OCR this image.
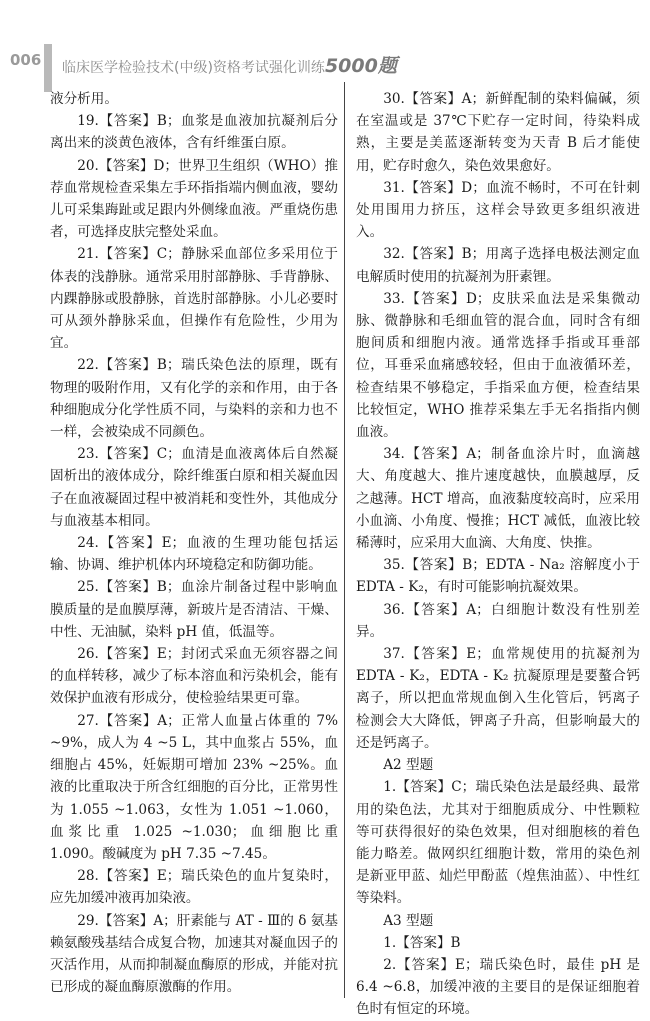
006 临床医学检验技术(中级)资格考试强化训练5000题

液分析用。

19.【答案】B；血浆是血液加抗凝剂后分离出来的淡黄色液体，含有纤维蛋白原。

20.【答案】D；世界卫生组织（WHO）推荐血常规检查采集左手环指指端内侧血液，婴幼儿可采集踇趾或足跟内外侧缘血液。严重烧伤患者，可选择皮肤完整处采血。

21.【答案】C；静脉采血部位多采用位于体表的浅静脉。通常采用肘部静脉、手背静脉、内踝静脉或股静脉，首选肘部静脉。小儿必要时可从颈外静脉采血，但操作有危险性，少用为宜。

22.【答案】B；瑞氏染色法的原理，既有物理的吸附作用，又有化学的亲和作用，由于各种细胞成分化学性质不同，与染料的亲和力也不一样，会被染成不同颜色。

23.【答案】C；血清是血液离体后自然凝固析出的液体成分，除纤维蛋白原和相关凝血因子在血液凝固过程中被消耗和变性外，其他成分与血液基本相同。

24.【答案】E；血液的生理功能包括运输、协调、维护机体内环境稳定和防御功能。

25.【答案】B；血涂片制备过程中影响血膜质量的是血膜厚薄，新玻片是否清洁、干燥、中性、无油腻，染料 pH 值，低温等。

26.【答案】E；封闭式采血无须容器之间的血样转移，减少了标本溶血和污染机会，能有效保护血液有形成分，使检验结果更可靠。

27.【答案】A；正常人血量占体重的 7% ~9%，成人为 4 ~5 L，其中血浆占 55%，血细胞占 45%，妊娠期可增加 23% ~25%。血液的比重取决于所含红细胞的百分比，正常男性为 1.055 ~1.063，女性为 1.051 ~1.060，血浆比重 1.025 ~1.030；血细胞比重 1.090。酸碱度为 pH 7.35 ~7.45。

28.【答案】E；瑞氏染色的血片复染时，应先加缓冲液再加染液。

29.【答案】A；肝素能与 AT - Ⅲ的 δ 氨基赖氨酸残基结合成复合物，加速其对凝血因子的灭活作用，从而抑制凝血酶原的形成，并能对抗已形成的凝血酶原激酶的作用。

30.【答案】A；新鲜配制的染料偏碱，须在室温或是 37℃下贮存一定时间，待染料成熟，主要是美蓝逐渐转变为天青 B 后才能使用，贮存时愈久，染色效果愈好。

31.【答案】D；血流不畅时，不可在针刺处用围用力挤压，这样会导致更多组织液进入。

32.【答案】B；用离子选择电极法测定血电解质时使用的抗凝剂为肝素锂。

33.【答案】D；皮肤采血法是采集微动脉、微静脉和毛细血管的混合血，同时含有细胞间质和细胞内液。通常选择手指或耳垂部位，耳垂采血痛感较轻，但由于血液循环差，检查结果不够稳定，手指采血方便，检查结果比较恒定，WHO 推荐采集左手无名指指内侧血液。

34.【答案】A；制备血涂片时，血滴越大、角度越大、推片速度越快，血膜越厚，反之越薄。HCT 增高，血液黏度较高时，应采用小血滴、小角度、慢推；HCT 减低，血液比较稀薄时，应采用大血滴、大角度、快推。

35.【答案】B；EDTA - Na₂ 溶解度小于 EDTA - K₂，有时可能影响抗凝效果。

36.【答案】A；白细胞计数没有性别差异。

37.【答案】E；血常规使用的抗凝剂为 EDTA - K₂，EDTA - K₂ 抗凝原理是要螯合钙离子，所以把血常规血倒入生化管后，钙离子检测会大大降低，钾离子升高，但影响最大的还是钙离子。

A2 型题

1.【答案】C；瑞氏染色法是最经典、最常用的染色法，尤其对于细胞质成分、中性颗粒等可获得很好的染色效果，但对细胞核的着色能力略差。做网织红细胞计数，常用的染色剂是新亚甲蓝、灿烂甲酚蓝（煌焦油蓝）、中性红等染料。

A3 型题

1.【答案】B

2.【答案】E；瑞氏染色时，最佳 pH 是 6.4 ~6.8，加缓冲液的主要目的是保证细胞着色时有恒定的环境。
